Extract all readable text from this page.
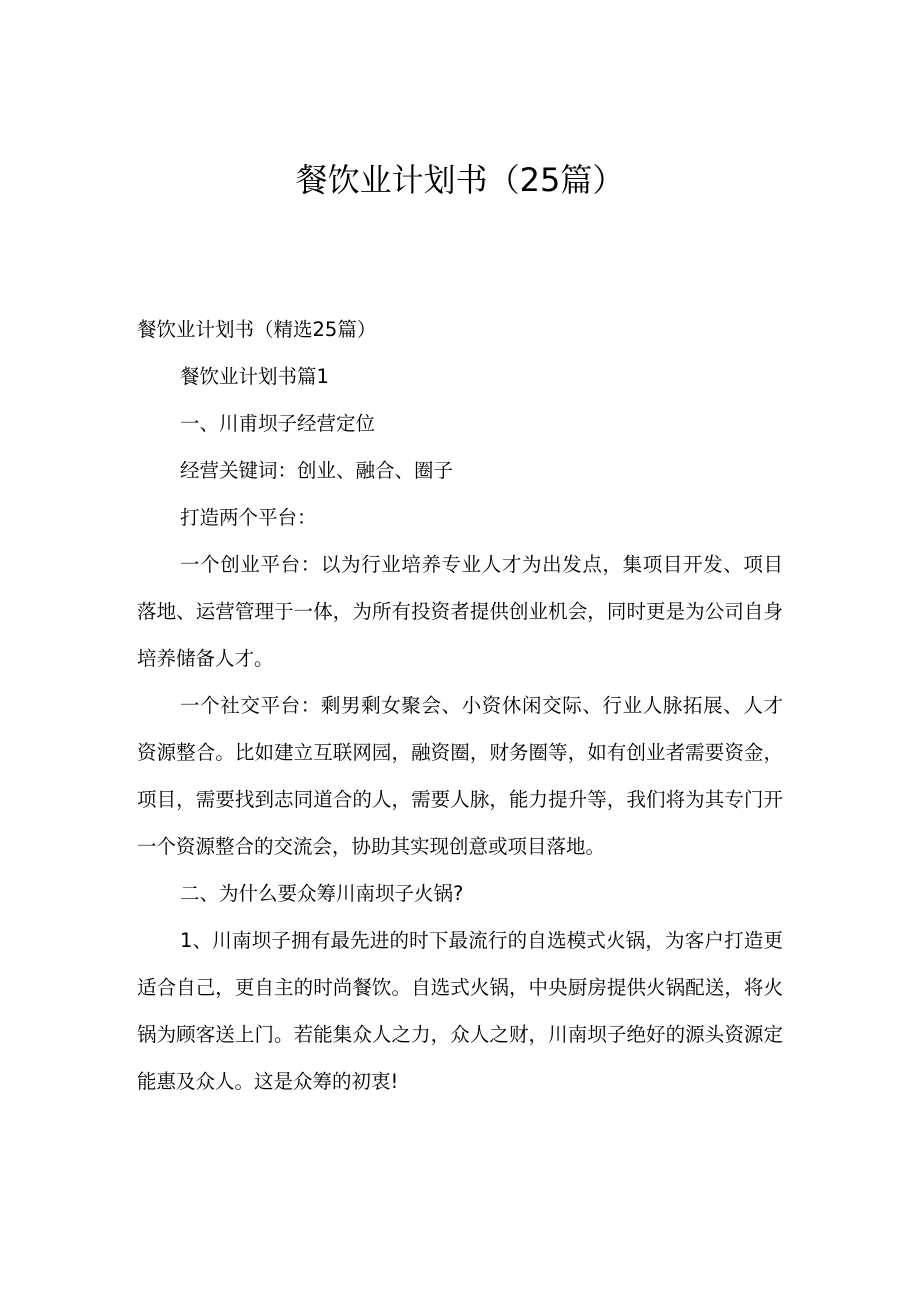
餐饮业计划书（25篇）

餐饮业计划书（精选25篇）

餐饮业计划书篇1

一、川甫坝子经营定位

经营关键词：创业、融合、圈子

打造两个平台：

一个创业平台：以为行业培养专业人才为出发点，集项目开发、项目落地、运营管理于一体，为所有投资者提供创业机会，同时更是为公司自身培养储备人才。

一个社交平台：剩男剩女聚会、小资休闲交际、行业人脉拓展、人才资源整合。比如建立互联网园，融资圈，财务圈等，如有创业者需要资金，项目，需要找到志同道合的人，需要人脉，能力提升等，我们将为其专门开一个资源整合的交流会，协助其实现创意或项目落地。

二、为什么要众筹川南坝子火锅?

1、川南坝子拥有最先进的时下最流行的自选模式火锅，为客户打造更适合自己，更自主的时尚餐饮。自选式火锅，中央厨房提供火锅配送，将火锅为顾客送上门。若能集众人之力，众人之财，川南坝子绝好的源头资源定能惠及众人。这是众筹的初衷!
